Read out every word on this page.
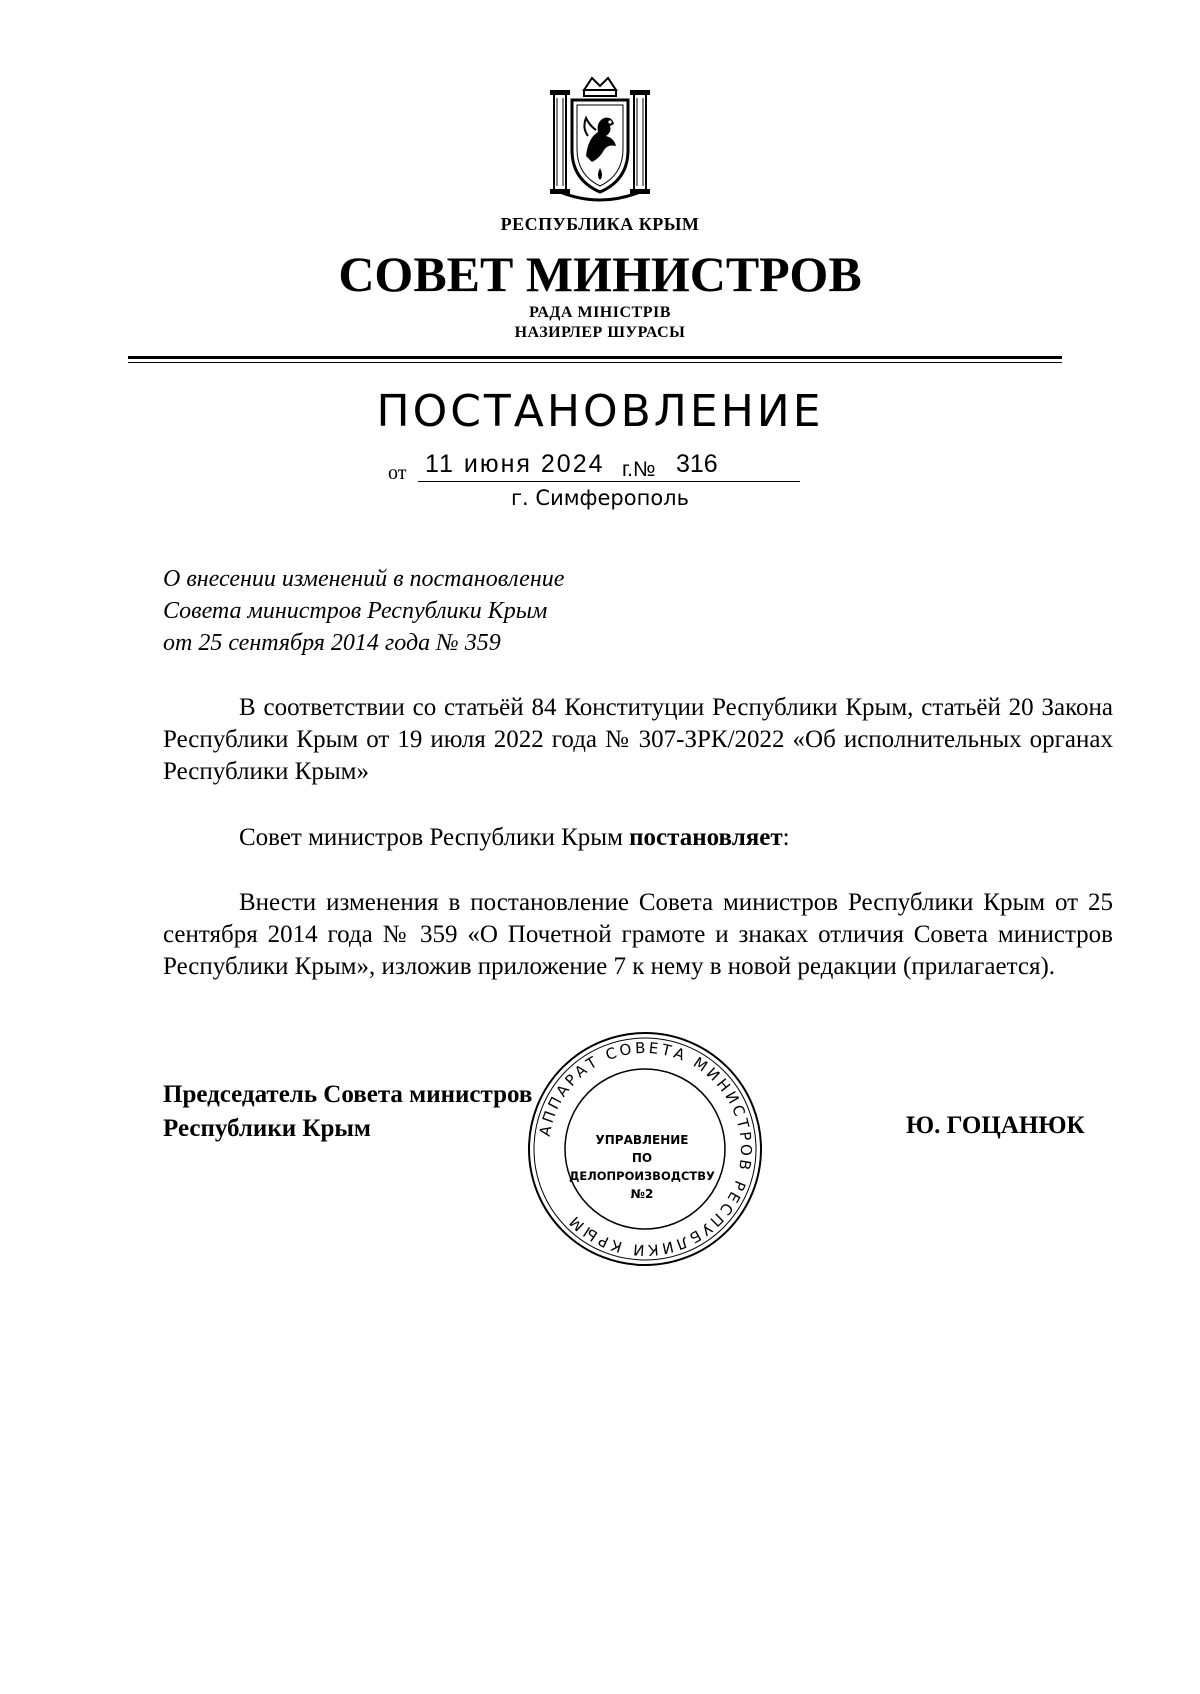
РЕСПУБЛИКА КРЫМ
СОВЕТ МИНИСТРОВ
РАДА МІНІСТРІВ
НАЗИРЛЕР ШУРАСЫ
ПОСТАНОВЛЕНИЕ
от 11 июня 2024 г.№ 316
г. Симферополь
О внесении изменений в постановление
Совета министров Республики Крым
от 25 сентября 2014 года № 359

В соответствии со статьёй 84 Конституции Республики Крым, статьёй 20 Закона Республики Крым от 19 июля 2022 года № 307-ЗРК/2022 «Об исполнительных органах Республики Крым»

Совет министров Республики Крым постановляет:

Внести изменения в постановление Совета министров Республики Крым от 25 сентября 2014 года № 359 «О Почетной грамоте и знаках отличия Совета министров Республики Крым», изложив приложение 7 к нему в новой редакции (прилагается).

Председатель Совета министров
Республики Крым	Ю. ГОЦАНЮК
АППАРАТ СОВЕТА МИНИСТРОВ РЕСПУБЛИКИ КРЫМ
УПРАВЛЕНИЕ
ПО
ДЕЛОПРОИЗВОДСТВУ
№2
